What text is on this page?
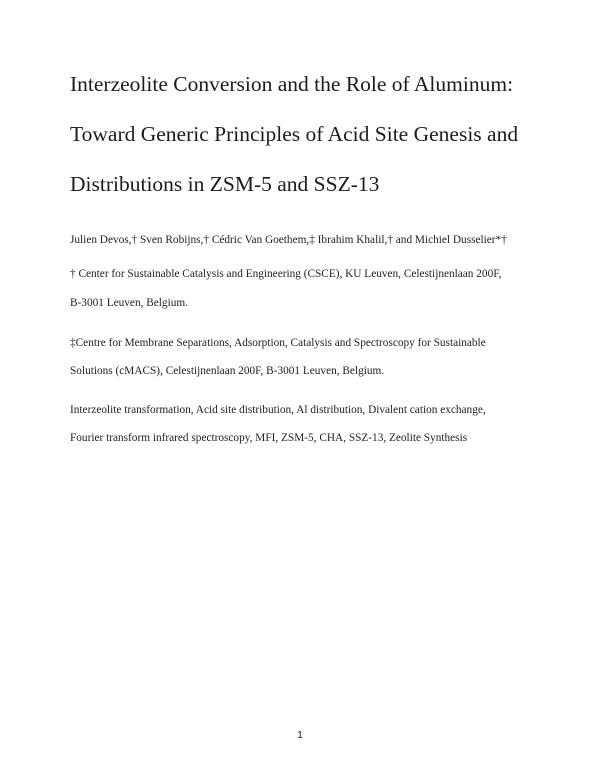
Interzeolite Conversion and the Role of Aluminum:
Toward Generic Principles of Acid Site Genesis and
Distributions in ZSM-5 and SSZ-13
Julien Devos,† Sven Robijns,† Cédric Van Goethem,‡ Ibrahim Khalil,† and Michiel Dusselier*†
† Center for Sustainable Catalysis and Engineering (CSCE), KU Leuven, Celestijnenlaan 200F,
B-3001 Leuven, Belgium.
‡Centre for Membrane Separations, Adsorption, Catalysis and Spectroscopy for Sustainable
Solutions (cMACS), Celestijnenlaan 200F, B-3001 Leuven, Belgium.
Interzeolite transformation, Acid site distribution, Al distribution, Divalent cation exchange,
Fourier transform infrared spectroscopy, MFI, ZSM-5, CHA, SSZ-13, Zeolite Synthesis
1
